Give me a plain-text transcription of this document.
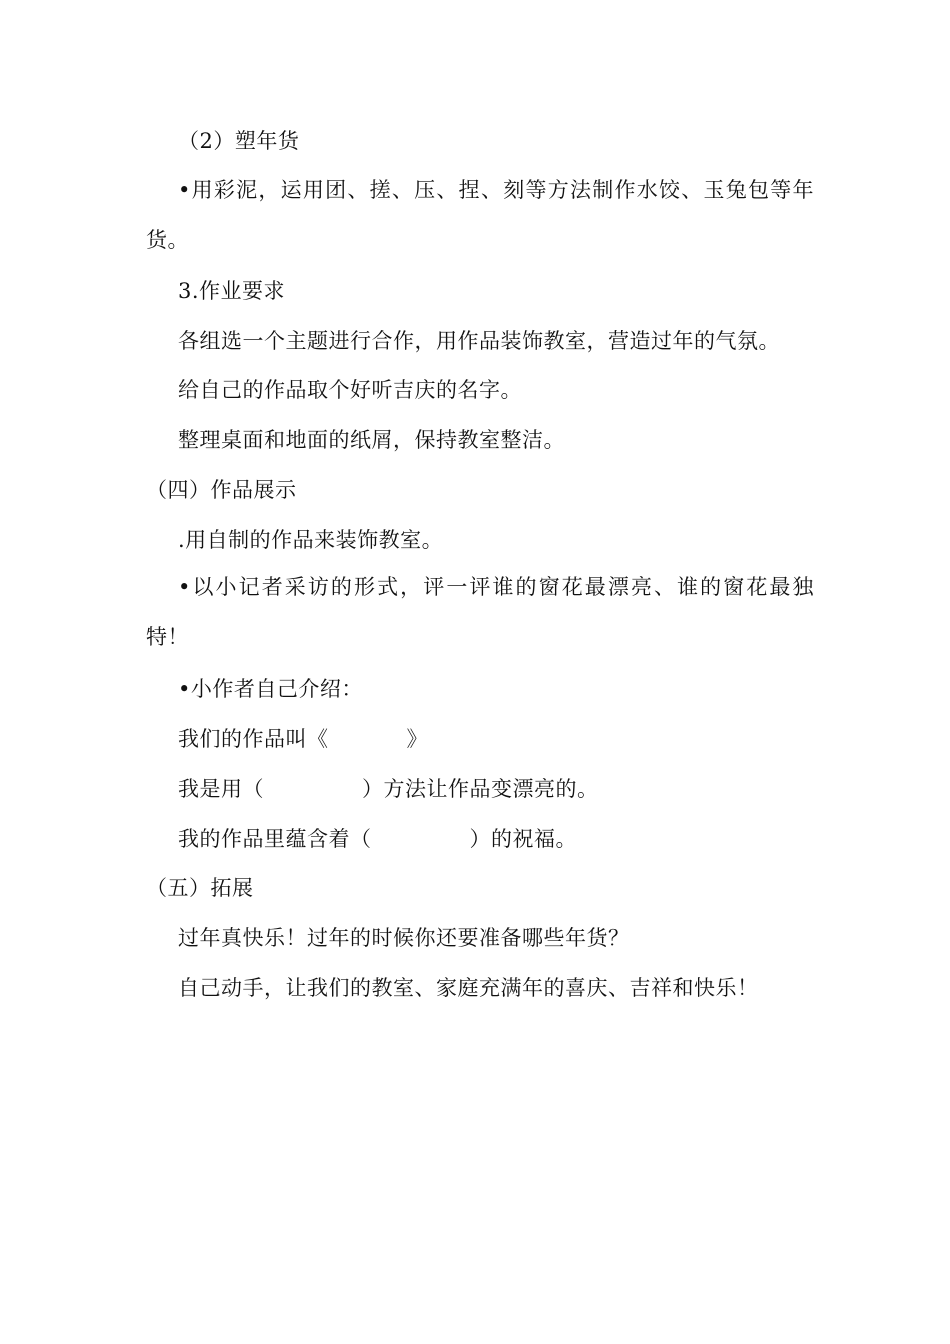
（2）塑年货
•用彩泥，运用团、搓、压、捏、刻等方法制作水饺、玉兔包等年货。
3.作业要求
各组选一个主题进行合作，用作品装饰教室，营造过年的气氛。
给自己的作品取个好听吉庆的名字。
整理桌面和地面的纸屑，保持教室整洁。
（四）作品展示
.用自制的作品来装饰教室。
•以小记者采访的形式，评一评谁的窗花最漂亮、谁的窗花最独特！
•小作者自己介绍：
我们的作品叫《	》
我是用（	）方法让作品变漂亮的。
我的作品里蕴含着（	）的祝福。
（五）拓展
过年真快乐！过年的时候你还要准备哪些年货？
自己动手，让我们的教室、家庭充满年的喜庆、吉祥和快乐！
